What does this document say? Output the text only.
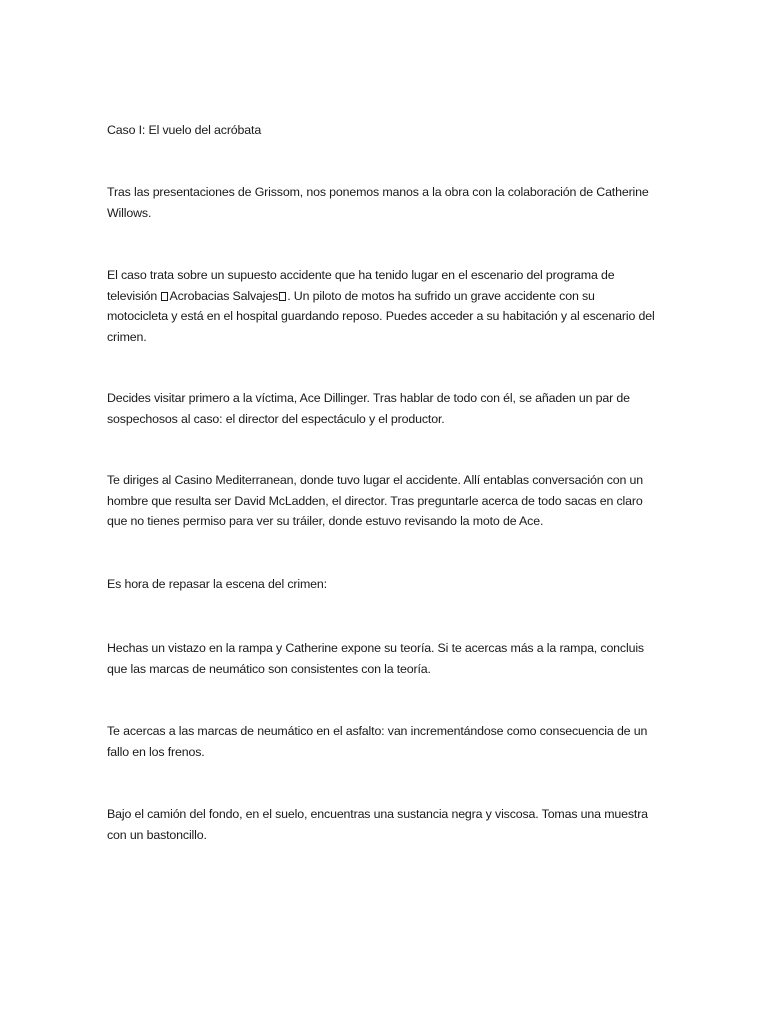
Caso I: El vuelo del acróbata

Tras las presentaciones de Grissom, nos ponemos manos a la obra con la colaboración de Catherine Willows.

El caso trata sobre un supuesto accidente que ha tenido lugar en el escenario del programa de
televisión Acrobacias Salvajes . Un piloto de motos ha sufrido un grave accidente con su motocicleta y está en el hospital guardando reposo. Puedes acceder a su habitación y al escenario del crimen.

Decides visitar primero a la víctima, Ace Dillinger. Tras hablar de todo con él, se añaden un par de sospechosos al caso: el director del espectáculo y el productor.

Te diriges al Casino Mediterranean, donde tuvo lugar el accidente. Allí entablas conversación con un hombre que resulta ser David McLadden, el director. Tras preguntarle acerca de todo sacas en claro que no tienes permiso para ver su tráiler, donde estuvo revisando la moto de Ace.

Es hora de repasar la escena del crimen:

Hechas un vistazo en la rampa y Catherine expone su teoría. Si te acercas más a la rampa, concluis que las marcas de neumático son consistentes con la teoría.

Te acercas a las marcas de neumático en el asfalto: van incrementándose como consecuencia de un fallo en los frenos.

Bajo el camión del fondo, en el suelo, encuentras una sustancia negra y viscosa. Tomas una muestra con un bastoncillo.
